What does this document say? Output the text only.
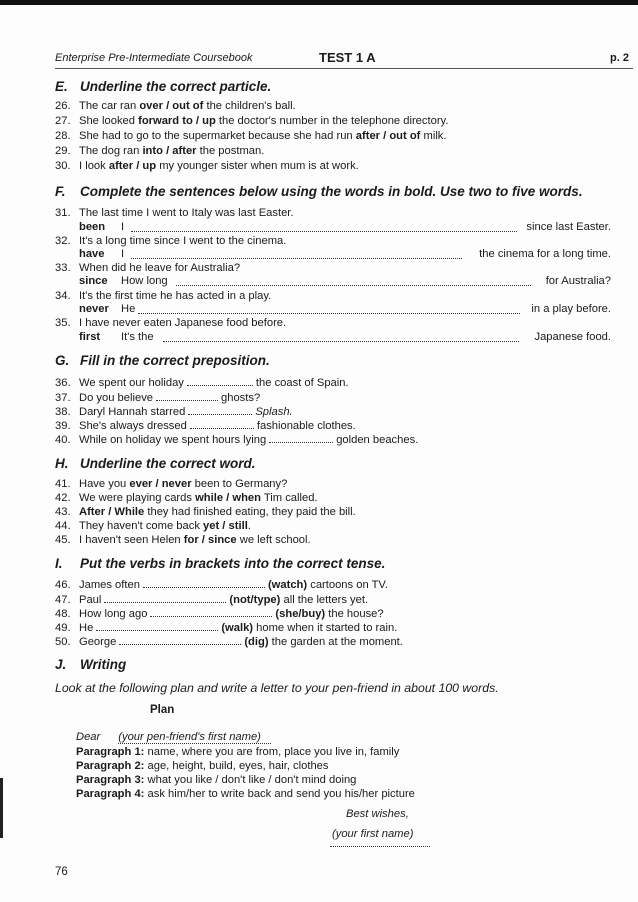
Enterprise Pre-Intermediate Coursebook	TEST 1 A	p. 2
E. Underline the correct particle.
26. The car ran over / out of the children's ball.
27. She looked forward to / up the doctor's number in the telephone directory.
28. She had to go to the supermarket because she had run after / out of milk.
29. The dog ran into / after the postman.
30. I look after / up my younger sister when mum is at work.
F. Complete the sentences below using the words in bold. Use two to five words.
31. The last time I went to Italy was last Easter.
been I	since last Easter.
32. It's a long time since I went to the cinema.
have I	the cinema for a long time.
33. When did he leave for Australia?
since How long	for Australia?
34. It's the first time he has acted in a play.
never He	in a play before.
35. I have never eaten Japanese food before.
first It's the	Japanese food.
G. Fill in the correct preposition.
36. We spent our holiday	the coast of Spain.
37. Do you believe	ghosts?
38. Daryl Hannah starred	Splash.
39. She's always dressed	fashionable clothes.
40. While on holiday we spent hours lying	golden beaches.
H. Underline the correct word.
41. Have you ever / never been to Germany?
42. We were playing cards while / when Tim called.
43. After / While they had finished eating, they paid the bill.
44. They haven't come back yet / still.
45. I haven't seen Helen for / since we left school.
I. Put the verbs in brackets into the correct tense.
46. James often	(watch) cartoons on TV.
47. Paul	(not/type) all the letters yet.
48. How long ago	(she/buy) the house?
49. He	(walk) home when it started to rain.
50. George	(dig) the garden at the moment.
J. Writing
Look at the following plan and write a letter to your pen-friend in about 100 words.
Plan
Dear (your pen-friend's first name)
Paragraph 1: name, where you are from, place you live in, family
Paragraph 2: age, height, build, eyes, hair, clothes
Paragraph 3: what you like / don't like / don't mind doing
Paragraph 4: ask him/her to write back and send you his/her picture
Best wishes,
(your first name)
76
